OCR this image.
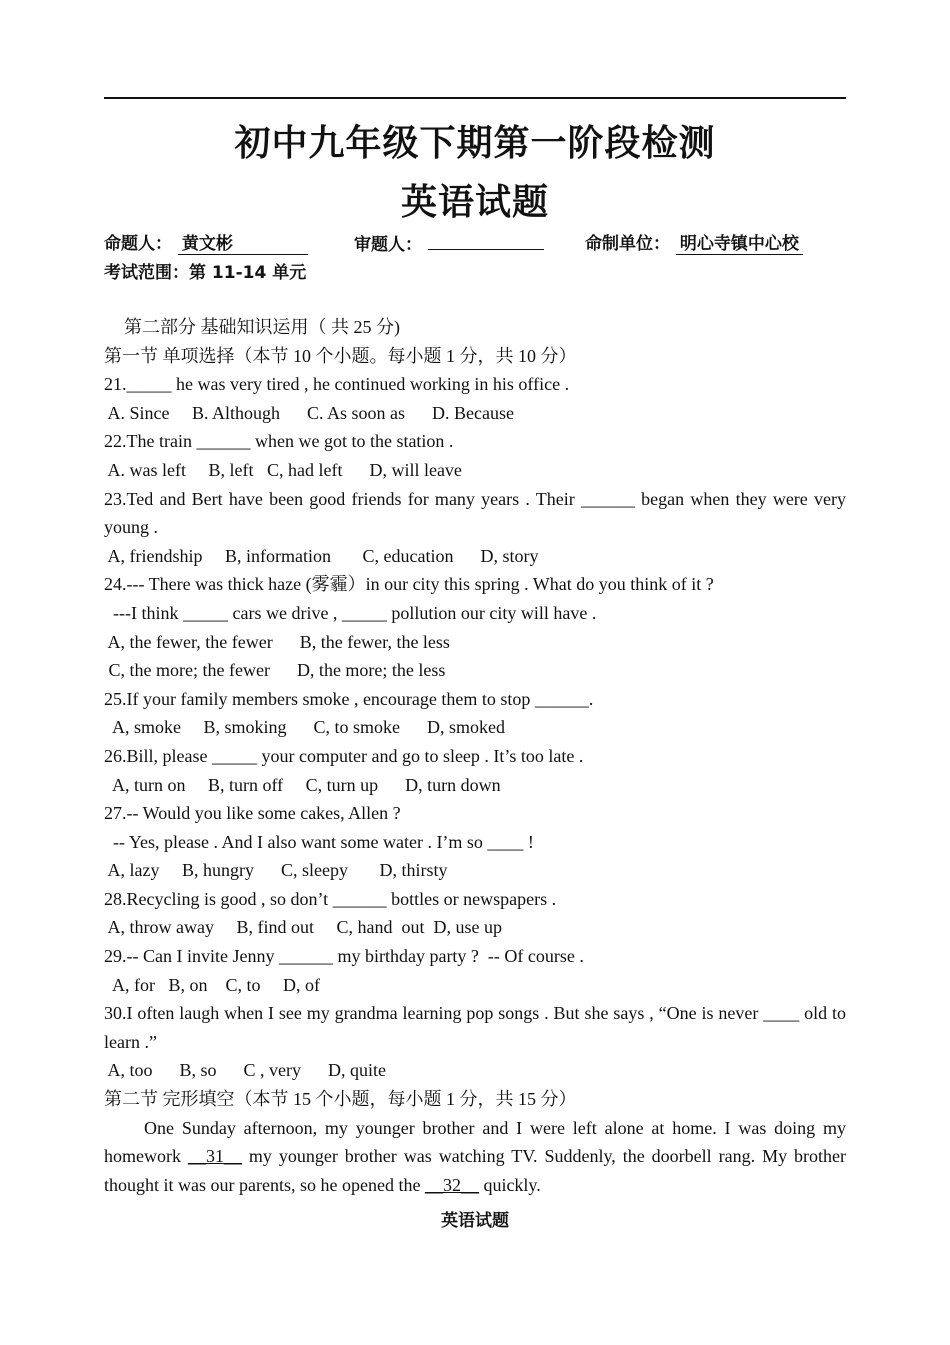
初中九年级下期第一阶段检测
英语试题
命题人： 黄文彬	审题人：	命制单位： 明心寺镇中心校
考试范围：第 11-14 单元
第二部分 基础知识运用（ 共 25 分)
第一节 单项选择（本节 10 个小题。每小题 1 分，共 10 分）
21._____ he was very tired , he continued working in his office .
A. Since     B. Although      C. As soon as      D. Because
22.The train ______ when we got to the station .
A. was left     B, left   C, had left      D, will leave
23.Ted and Bert have been good friends for many years . Their ______ began when they were very young .
A, friendship     B, information       C, education      D, story
24.--- There was thick haze (雾霾）in our city this spring . What do you think of it ?
---I think _____ cars we drive , _____ pollution our city will have .
A, the fewer, the fewer      B, the fewer, the less
C, the more; the fewer      D, the more; the less
25.If your family members smoke , encourage them to stop ______.
A, smoke     B, smoking      C, to smoke      D, smoked
26.Bill, please _____ your computer and go to sleep . It’s too late .
A, turn on     B, turn off     C, turn up      D, turn down
27.-- Would you like some cakes, Allen ?
-- Yes, please . And I also want some water . I’m so ____ !
A, lazy     B, hungry      C, sleepy       D, thirsty
28.Recycling is good , so don’t ______ bottles or newspapers .
A, throw away     B, find out     C, hand  out  D, use up
29.-- Can I invite Jenny ______ my birthday party ?  -- Of course .
A, for   B, on    C, to     D, of
30.I often laugh when I see my grandma learning pop songs . But she says , “One is never ____ old to learn .”
A, too      B, so      C , very      D, quite
第二节 完形填空（本节 15 个小题，每小题 1 分，共 15 分）
One Sunday afternoon, my younger brother and I were left alone at home. I was doing my homework __31__ my younger brother was watching TV. Suddenly, the doorbell rang. My brother thought it was our parents, so he opened the __32__ quickly.
英语试题
